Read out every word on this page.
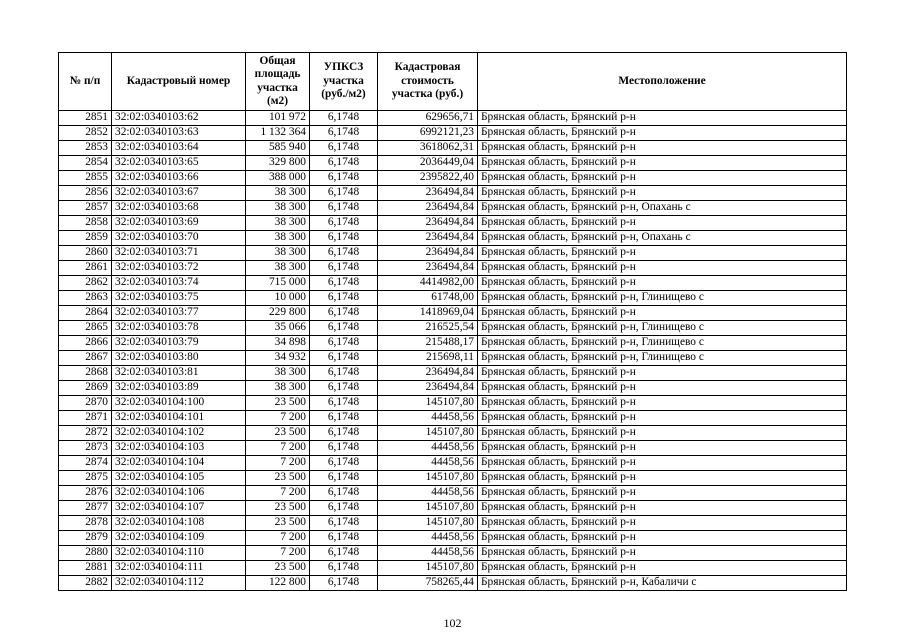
№ п/п	Кадастровый номер	Общая площадь участка (м2)	УПКСЗ участка (руб./м2)	Кадастровая стоимость участка (руб.)	Местоположение
2851	32:02:0340103:62	101 972	6,1748	629656,71	Брянская область, Брянский р-н
2852	32:02:0340103:63	1 132 364	6,1748	6992121,23	Брянская область, Брянский р-н
2853	32:02:0340103:64	585 940	6,1748	3618062,31	Брянская область, Брянский р-н
2854	32:02:0340103:65	329 800	6,1748	2036449,04	Брянская область, Брянский р-н
2855	32:02:0340103:66	388 000	6,1748	2395822,40	Брянская область, Брянский р-н
2856	32:02:0340103:67	38 300	6,1748	236494,84	Брянская область, Брянский р-н
2857	32:02:0340103:68	38 300	6,1748	236494,84	Брянская область, Брянский р-н, Опахань с
2858	32:02:0340103:69	38 300	6,1748	236494,84	Брянская область, Брянский р-н
2859	32:02:0340103:70	38 300	6,1748	236494,84	Брянская область, Брянский р-н, Опахань с
2860	32:02:0340103:71	38 300	6,1748	236494,84	Брянская область, Брянский р-н
2861	32:02:0340103:72	38 300	6,1748	236494,84	Брянская область, Брянский р-н
2862	32:02:0340103:74	715 000	6,1748	4414982,00	Брянская область, Брянский р-н
2863	32:02:0340103:75	10 000	6,1748	61748,00	Брянская область, Брянский р-н, Глинищево с
2864	32:02:0340103:77	229 800	6,1748	1418969,04	Брянская область, Брянский р-н
2865	32:02:0340103:78	35 066	6,1748	216525,54	Брянская область, Брянский р-н, Глинищево с
2866	32:02:0340103:79	34 898	6,1748	215488,17	Брянская область, Брянский р-н, Глинищево с
2867	32:02:0340103:80	34 932	6,1748	215698,11	Брянская область, Брянский р-н, Глинищево с
2868	32:02:0340103:81	38 300	6,1748	236494,84	Брянская область, Брянский р-н
2869	32:02:0340103:89	38 300	6,1748	236494,84	Брянская область, Брянский р-н
2870	32:02:0340104:100	23 500	6,1748	145107,80	Брянская область, Брянский р-н
2871	32:02:0340104:101	7 200	6,1748	44458,56	Брянская область, Брянский р-н
2872	32:02:0340104:102	23 500	6,1748	145107,80	Брянская область, Брянский р-н
2873	32:02:0340104:103	7 200	6,1748	44458,56	Брянская область, Брянский р-н
2874	32:02:0340104:104	7 200	6,1748	44458,56	Брянская область, Брянский р-н
2875	32:02:0340104:105	23 500	6,1748	145107,80	Брянская область, Брянский р-н
2876	32:02:0340104:106	7 200	6,1748	44458,56	Брянская область, Брянский р-н
2877	32:02:0340104:107	23 500	6,1748	145107,80	Брянская область, Брянский р-н
2878	32:02:0340104:108	23 500	6,1748	145107,80	Брянская область, Брянский р-н
2879	32:02:0340104:109	7 200	6,1748	44458,56	Брянская область, Брянский р-н
2880	32:02:0340104:110	7 200	6,1748	44458,56	Брянская область, Брянский р-н
2881	32:02:0340104:111	23 500	6,1748	145107,80	Брянская область, Брянский р-н
2882	32:02:0340104:112	122 800	6,1748	758265,44	Брянская область, Брянский р-н, Кабаличи с
102
